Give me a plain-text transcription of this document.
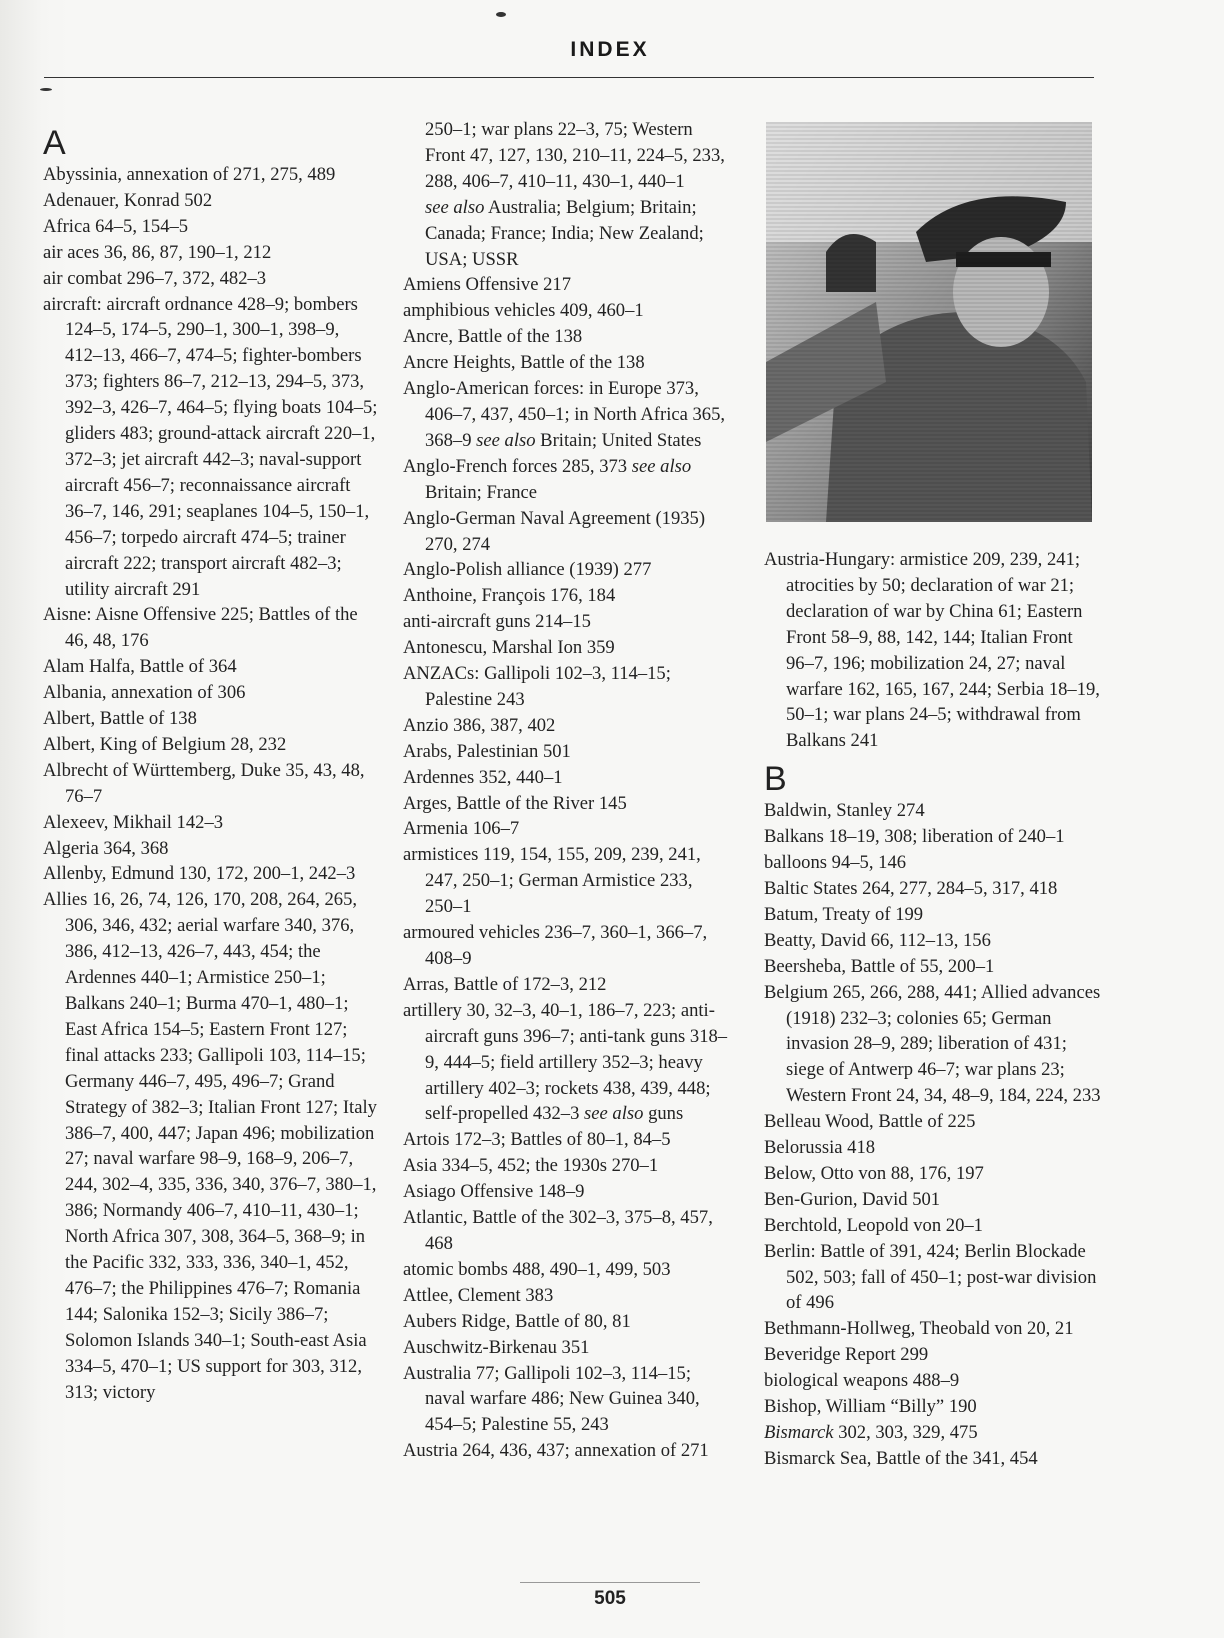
INDEX
A
Abyssinia, annexation of 271, 275, 489
Adenauer, Konrad 502
Africa 64–5, 154–5
air aces 36, 86, 87, 190–1, 212
air combat 296–7, 372, 482–3
aircraft: aircraft ordnance 428–9; bombers 124–5, 174–5, 290–1, 300–1, 398–9, 412–13, 466–7, 474–5; fighter-bombers 373; fighters 86–7, 212–13, 294–5, 373, 392–3, 426–7, 464–5; flying boats 104–5; gliders 483; ground-attack aircraft 220–1, 372–3; jet aircraft 442–3; naval-support aircraft 456–7; reconnaissance aircraft 36–7, 146, 291; seaplanes 104–5, 150–1, 456–7; torpedo aircraft 474–5; trainer aircraft 222; transport aircraft 482–3; utility aircraft 291
Aisne: Aisne Offensive 225; Battles of the 46, 48, 176
Alam Halfa, Battle of 364
Albania, annexation of 306
Albert, Battle of 138
Albert, King of Belgium 28, 232
Albrecht of Württemberg, Duke 35, 43, 48, 76–7
Alexeev, Mikhail 142–3
Algeria 364, 368
Allenby, Edmund 130, 172, 200–1, 242–3
Allies 16, 26, 74, 126, 170, 208, 264, 265, 306, 346, 432; aerial warfare 340, 376, 386, 412–13, 426–7, 443, 454; the Ardennes 440–1; Armistice 250–1; Balkans 240–1; Burma 470–1, 480–1; East Africa 154–5; Eastern Front 127; final attacks 233; Gallipoli 103, 114–15; Germany 446–7, 495, 496–7; Grand Strategy of 382–3; Italian Front 127; Italy 386–7, 400, 447; Japan 496; mobilization 27; naval warfare 98–9, 168–9, 206–7, 244, 302–4, 335, 336, 340, 376–7, 380–1, 386; Normandy 406–7, 410–11, 430–1; North Africa 307, 308, 364–5, 368–9; in the Pacific 332, 333, 336, 340–1, 452, 476–7; the Philippines 476–7; Romania 144; Salonika 152–3; Sicily 386–7; Solomon Islands 340–1; South-east Asia 334–5, 470–1; US support for 303, 312, 313; victory
250–1; war plans 22–3, 75; Western Front 47, 127, 130, 210–11, 224–5, 233, 288, 406–7, 410–11, 430–1, 440–1
see also Australia; Belgium; Britain; Canada; France; India; New Zealand; USA; USSR
Amiens Offensive 217
amphibious vehicles 409, 460–1
Ancre, Battle of the 138
Ancre Heights, Battle of the 138
Anglo-American forces: in Europe 373, 406–7, 437, 450–1; in North Africa 365, 368–9 see also Britain; United States
Anglo-French forces 285, 373 see also Britain; France
Anglo-German Naval Agreement (1935) 270, 274
Anglo-Polish alliance (1939) 277
Anthoine, François 176, 184
anti-aircraft guns 214–15
Antonescu, Marshal Ion 359
ANZACs: Gallipoli 102–3, 114–15; Palestine 243
Anzio 386, 387, 402
Arabs, Palestinian 501
Ardennes 352, 440–1
Arges, Battle of the River 145
Armenia 106–7
armistices 119, 154, 155, 209, 239, 241, 247, 250–1; German Armistice 233, 250–1
armoured vehicles 236–7, 360–1, 366–7, 408–9
Arras, Battle of 172–3, 212
artillery 30, 32–3, 40–1, 186–7, 223; anti-aircraft guns 396–7; anti-tank guns 318–9, 444–5; field artillery 352–3; heavy artillery 402–3; rockets 438, 439, 448; self-propelled 432–3 see also guns
Artois 172–3; Battles of 80–1, 84–5
Asia 334–5, 452; the 1930s 270–1
Asiago Offensive 148–9
Atlantic, Battle of the 302–3, 375–8, 457, 468
atomic bombs 488, 490–1, 499, 503
Attlee, Clement 383
Aubers Ridge, Battle of 80, 81
Auschwitz-Birkenau 351
Australia 77; Gallipoli 102–3, 114–15; naval warfare 486; New Guinea 340, 454–5; Palestine 55, 243
Austria 264, 436, 437; annexation of 271
Austria-Hungary: armistice 209, 239, 241; atrocities by 50; declaration of war 21; declaration of war by China 61; Eastern Front 58–9, 88, 142, 144; Italian Front 96–7, 196; mobilization 24, 27; naval warfare 162, 165, 167, 244; Serbia 18–19, 50–1; war plans 24–5; withdrawal from Balkans 241
B
Baldwin, Stanley 274
Balkans 18–19, 308; liberation of 240–1
balloons 94–5, 146
Baltic States 264, 277, 284–5, 317, 418
Batum, Treaty of 199
Beatty, David 66, 112–13, 156
Beersheba, Battle of 55, 200–1
Belgium 265, 266, 288, 441; Allied advances (1918) 232–3; colonies 65; German invasion 28–9, 289; liberation of 431; siege of Antwerp 46–7; war plans 23; Western Front 24, 34, 48–9, 184, 224, 233
Belleau Wood, Battle of 225
Belorussia 418
Below, Otto von 88, 176, 197
Ben-Gurion, David 501
Berchtold, Leopold von 20–1
Berlin: Battle of 391, 424; Berlin Blockade 502, 503; fall of 450–1; post-war division of 496
Bethmann-Hollweg, Theobald von 20, 21
Beveridge Report 299
biological weapons 488–9
Bishop, William “Billy” 190
Bismarck 302, 303, 329, 475
Bismarck Sea, Battle of the 341, 454
505
